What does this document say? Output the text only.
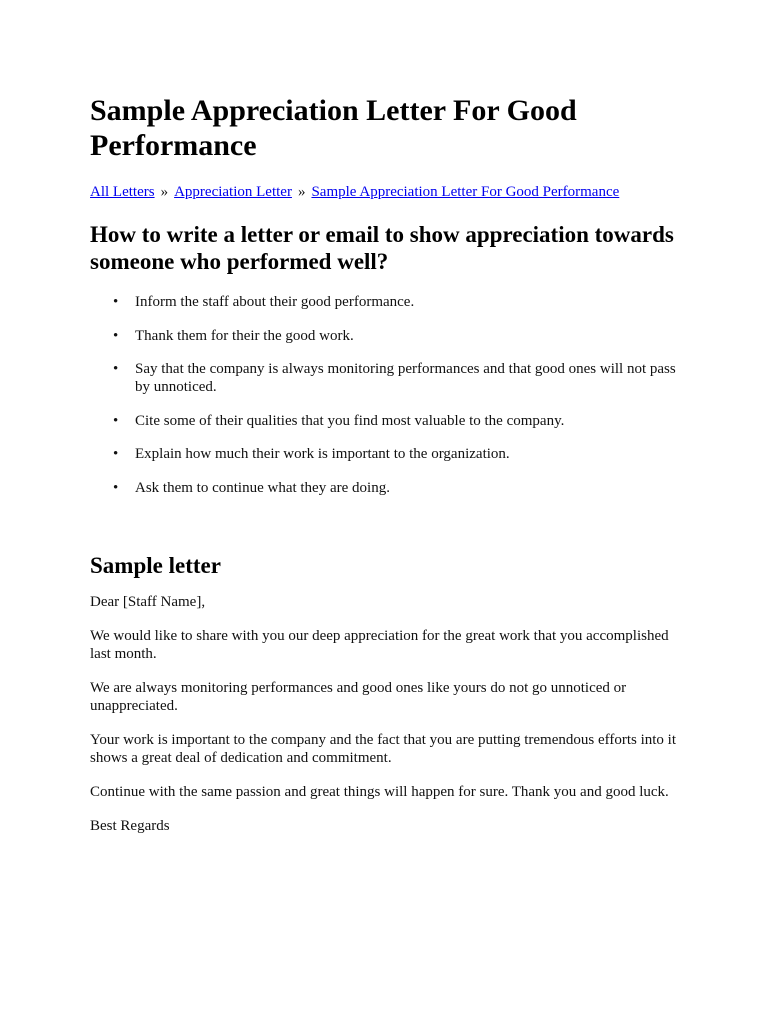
Sample Appreciation Letter For Good Performance
All Letters » Appreciation Letter » Sample Appreciation Letter For Good Performance
How to write a letter or email to show appreciation towards someone who performed well?
• Inform the staff about their good performance.
• Thank them for their the good work.
• Say that the company is always monitoring performances and that good ones will not pass by unnoticed.
• Cite some of their qualities that you find most valuable to the company.
• Explain how much their work is important to the organization.
• Ask them to continue what they are doing.
Sample letter

Dear [Staff Name],

We would like to share with you our deep appreciation for the great work that you accomplished last month.

We are always monitoring performances and good ones like yours do not go unnoticed or unappreciated.

Your work is important to the company and the fact that you are putting tremendous efforts into it shows a great deal of dedication and commitment.

Continue with the same passion and great things will happen for sure. Thank you and good luck.

Best Regards
